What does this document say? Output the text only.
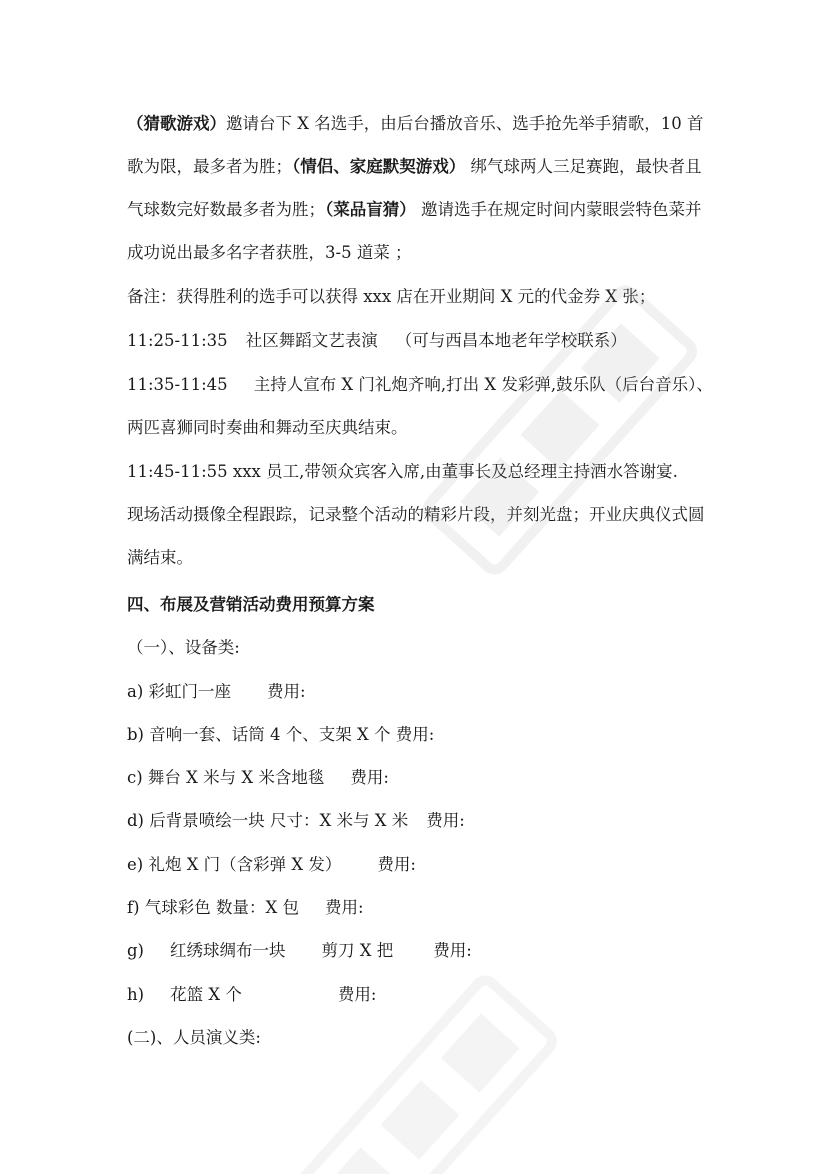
（猜歌游戏）邀请台下 X 名选手，由后台播放音乐、选手抢先举手猜歌，10 首
歌为限，最多者为胜；（情侣、家庭默契游戏） 绑气球两人三足赛跑，最快者且
气球数完好数最多者为胜；（菜品盲猜） 邀请选手在规定时间内蒙眼尝特色菜并
成功说出最多名字者获胜，3-5 道菜 ；
备注：获得胜利的选手可以获得 xxx 店在开业期间 X 元的代金券 X 张；
11:25-11:35 社区舞蹈文艺表演 （可与西昌本地老年学校联系）
11:35-11:45 主持人宣布 X 门礼炮齐响,打出 X 发彩弹,鼓乐队（后台音乐）、
两匹喜狮同时奏曲和舞动至庆典结束。
11:45-11:55 xxx 员工,带领众宾客入席,由董事长及总经理主持酒水答谢宴.
现场活动摄像全程跟踪，记录整个活动的精彩片段，并刻光盘；开业庆典仪式圆
满结束。
四、布展及营销活动费用预算方案
（一）、设备类:
a) 彩虹门一座 费用:
b) 音响一套、话筒 4 个、支架 X 个 费用:
c) 舞台 X 米与 X 米含地毯 费用:
d) 后背景喷绘一块 尺寸：X 米与 X 米 费用:
e) 礼炮 X 门（含彩弹 X 发） 费用:
f) 气球彩色 数量：X 包 费用:
g) 红绣球绸布一块 剪刀 X 把 费用:
h) 花篮 X 个	费用:
(二)、人员演义类:
